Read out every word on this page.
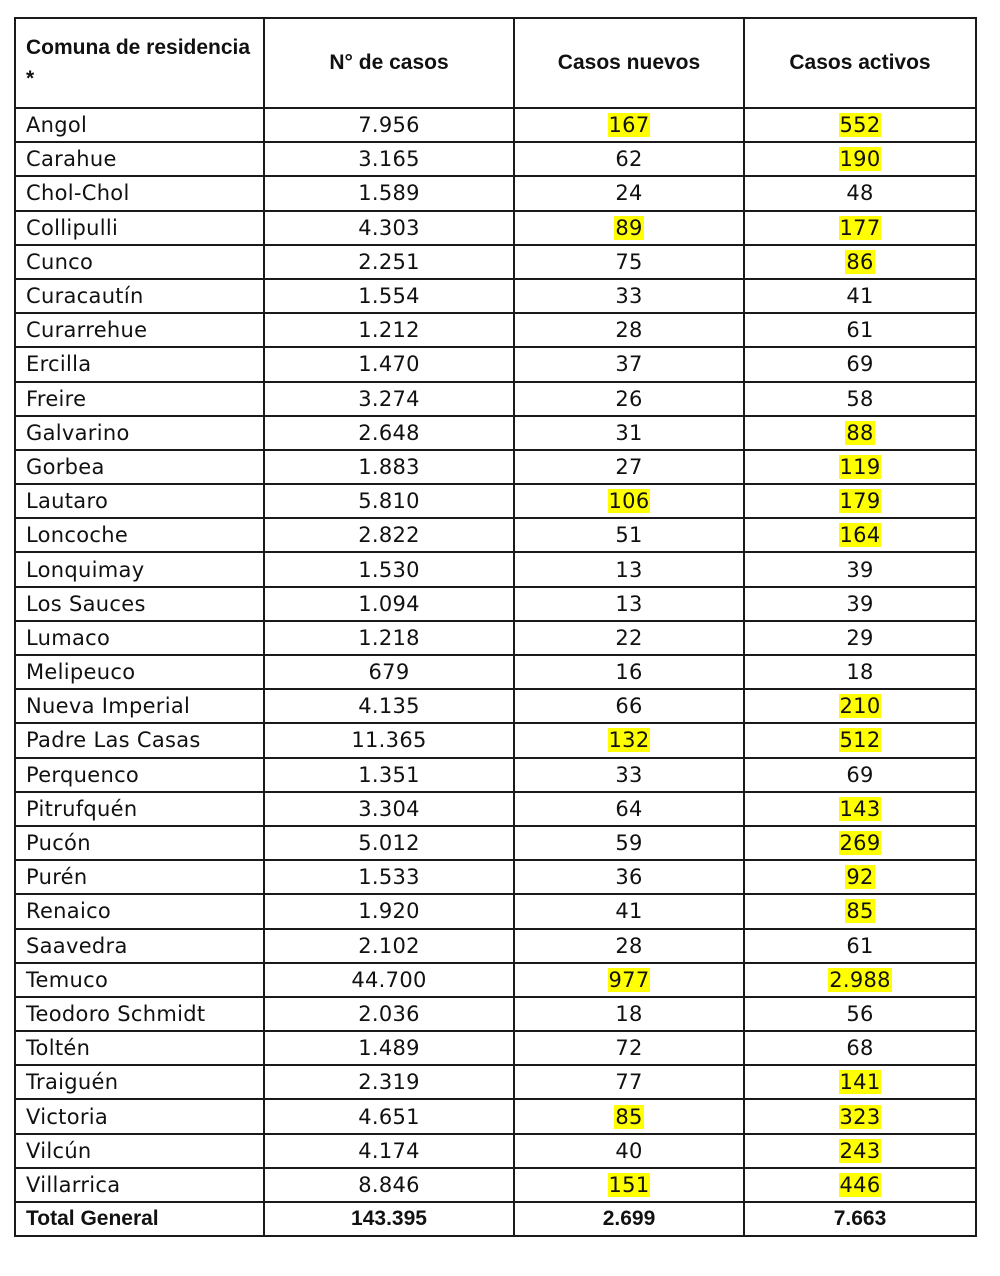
Comuna de residencia *	N° de casos	Casos nuevos	Casos activos
Angol	7.956	167	552
Carahue	3.165	62	190
Chol-Chol	1.589	24	48
Collipulli	4.303	89	177
Cunco	2.251	75	86
Curacautín	1.554	33	41
Curarrehue	1.212	28	61
Ercilla	1.470	37	69
Freire	3.274	26	58
Galvarino	2.648	31	88
Gorbea	1.883	27	119
Lautaro	5.810	106	179
Loncoche	2.822	51	164
Lonquimay	1.530	13	39
Los Sauces	1.094	13	39
Lumaco	1.218	22	29
Melipeuco	679	16	18
Nueva Imperial	4.135	66	210
Padre Las Casas	11.365	132	512
Perquenco	1.351	33	69
Pitrufquén	3.304	64	143
Pucón	5.012	59	269
Purén	1.533	36	92
Renaico	1.920	41	85
Saavedra	2.102	28	61
Temuco	44.700	977	2.988
Teodoro Schmidt	2.036	18	56
Toltén	1.489	72	68
Traiguén	2.319	77	141
Victoria	4.651	85	323
Vilcún	4.174	40	243
Villarrica	8.846	151	446
Total General	143.395	2.699	7.663
